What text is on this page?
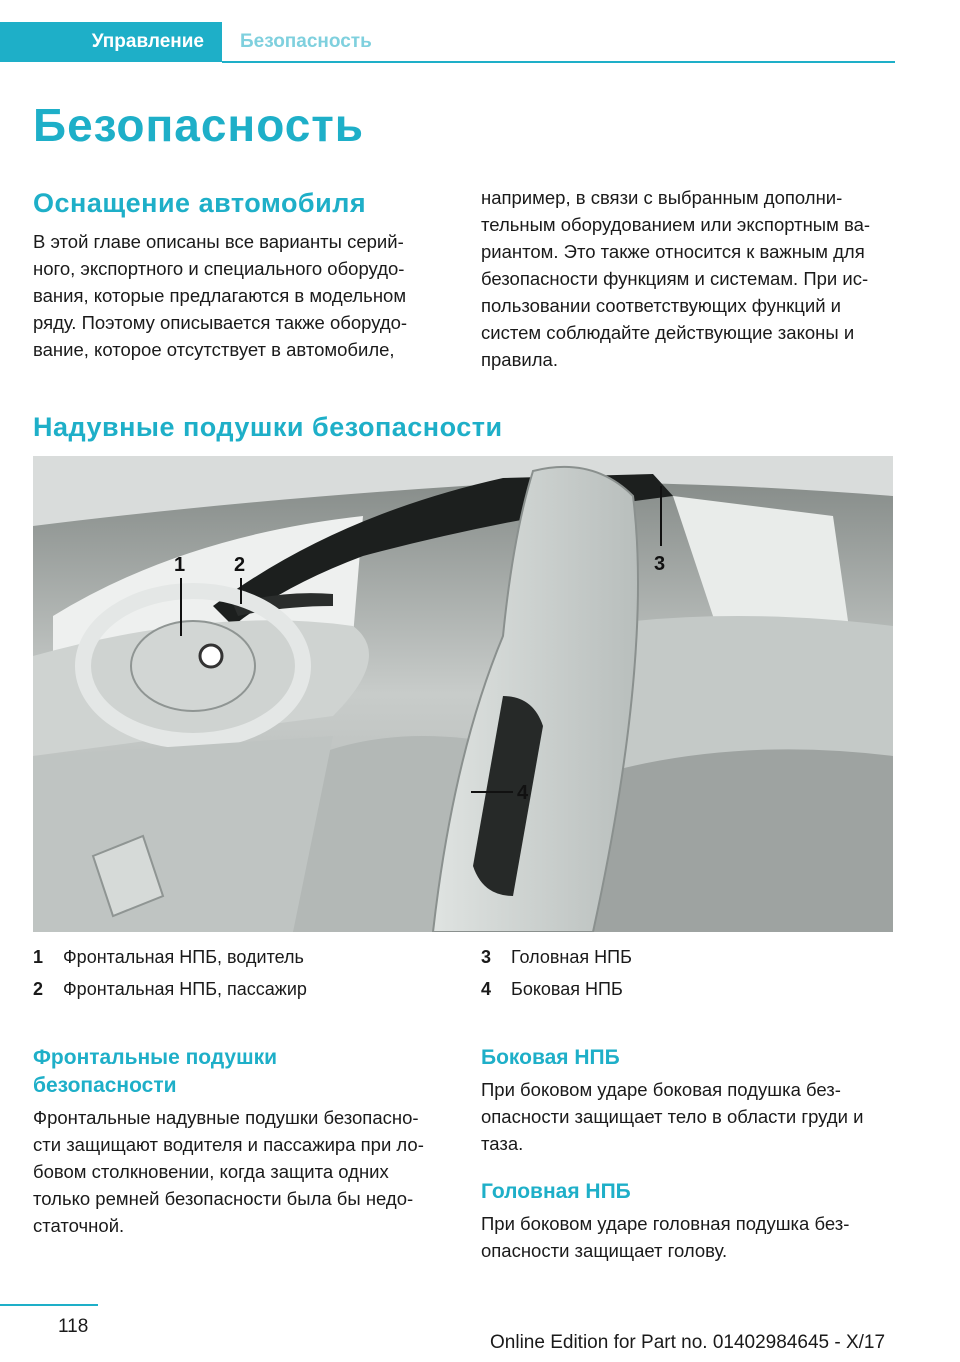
Управление Безопасность
Безопасность
Оснащение автомобиля

В этой главе описаны все варианты серий-
ного, экспортного и специального оборудо-
вания, которые предлагаются в модельном
ряду. Поэтому описывается также оборудо-
вание, которое отсутствует в автомобиле,

например, в связи с выбранным дополни-
тельным оборудованием или экспортным ва-
риантом. Это также относится к важным для
безопасности функциям и системам. При ис-
пользовании соответствующих функций и
систем соблюдайте действующие законы и
правила.

Надувные подушки безопасности
1 2	3
4
1 Фронтальная НПБ, водитель
2 Фронтальная НПБ, пассажир
3 Головная НПБ
4 Боковая НПБ
Фронтальные подушки
безопасности

Фронтальные надувные подушки безопасно-
сти защищают водителя и пассажира при ло-
бовом столкновении, когда защита одних
только ремней безопасности была бы недо-
статочной.

Боковая НПБ

При боковом ударе боковая подушка без-
опасности защищает тело в области груди и
таза.

Головная НПБ

При боковом ударе головная подушка без-
опасности защищает голову.

118
Online Edition for Part no. 01402984645 - X/17
